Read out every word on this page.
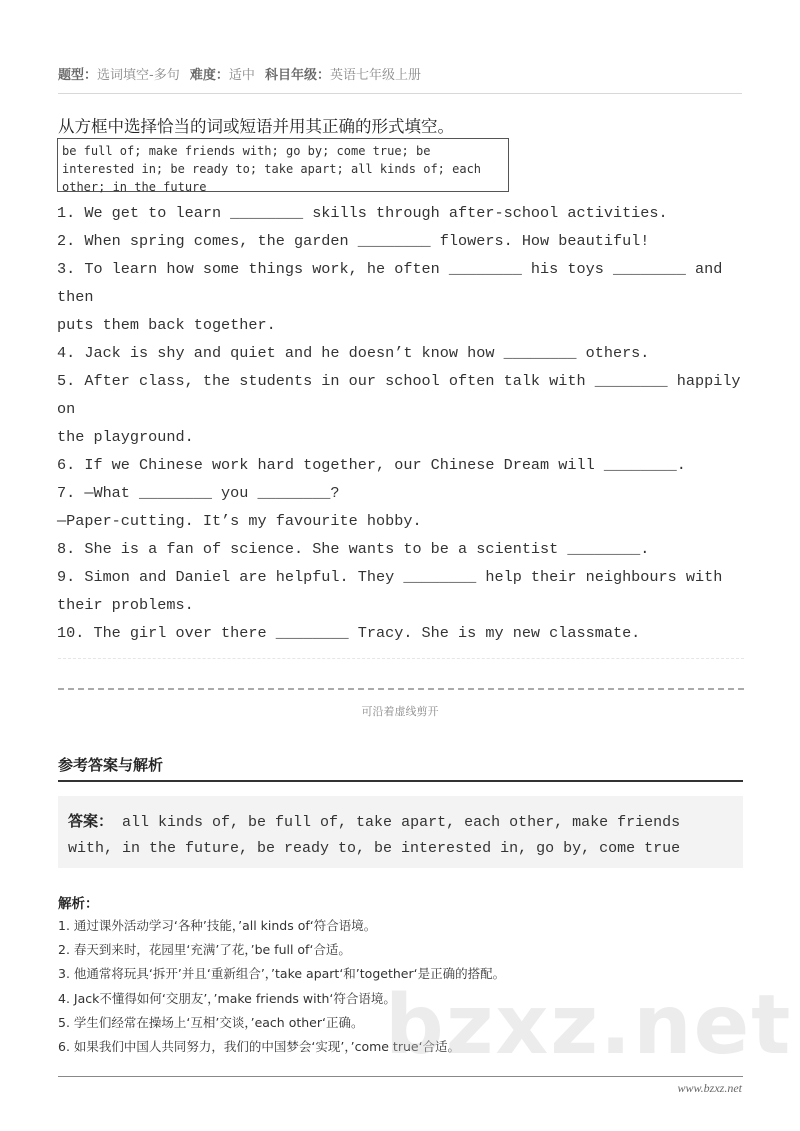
题型：选词填空-多句 难度：适中 科目年级：英语七年级上册
从方框中选择恰当的词或短语并用其正确的形式填空。
be full of; make friends with; go by; come true; be
interested in; be ready to; take apart; all kinds of; each
other; in the future

1. We get to learn ________ skills through after-school activities.

2. When spring comes, the garden ________ flowers. How beautiful!

3. To learn how some things work, he often ________ his toys ________ and then

puts them back together.

4. Jack is shy and quiet and he doesn’t know how ________ others.

5. After class, the students in our school often talk with ________ happily on

the playground.

6. If we Chinese work hard together, our Chinese Dream will ________.

7. —What ________ you ________?

—Paper-cutting. It’s my favourite hobby.

8. She is a fan of science. She wants to be a scientist ________.

9. Simon and Daniel are helpful. They ________ help their neighbours with

their problems.

10. The girl over there ________ Tracy. She is my new classmate.

可沿着虚线剪开
参考答案与解析
答案： all kinds of, be full of, take apart, each other, make friends with, in the future, be ready to, be interested in, go by, come true
解析：

1. 通过课外活动学习‘各种’技能，’all kinds of‘符合语境。

2. 春天到来时，花园里‘充满’了花，’be full of‘合适。

3. 他通常将玩具‘拆开’并且‘重新组合’，’take apart‘和’together‘是正确的搭配。

4. Jack不懂得如何‘交朋友’，’make friends with‘符合语境。

5. 学生们经常在操场上‘互相’交谈，’each other‘正确。

6. 如果我们中国人共同努力，我们的中国梦会‘实现’，’come true‘合适。

bzxz.net
www.bzxz.net
